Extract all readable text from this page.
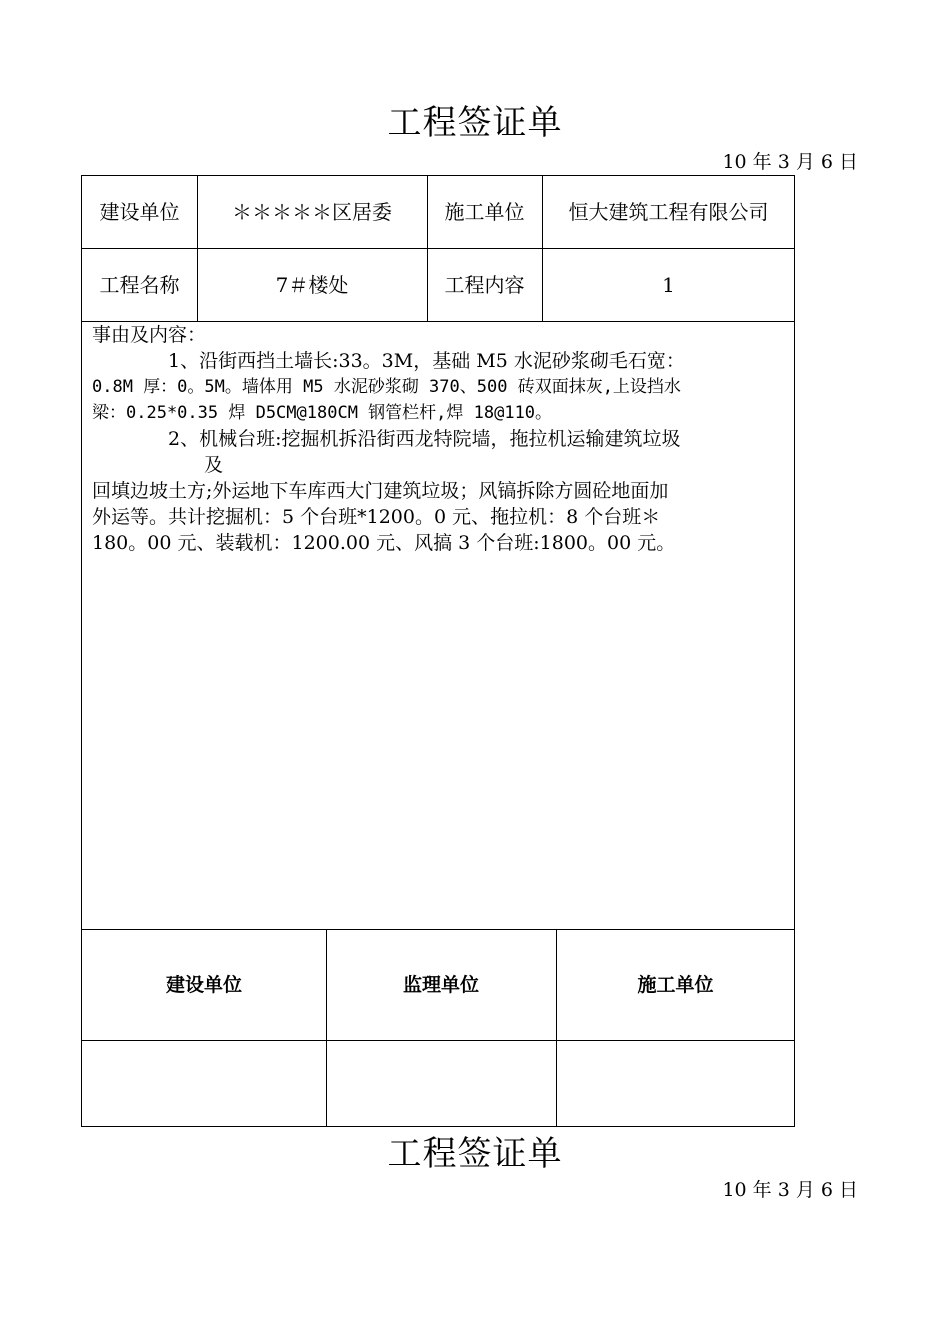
工程签证单
10 年 3 月 6 日
建设单位	＊＊＊＊＊区居委	施工单位	恒大建筑工程有限公司
工程名称	7＃楼处	工程内容	1

事由及内容：

1、沿街西挡土墙长:33。3M，基础 M5 水泥砂浆砌毛石宽：

0.8M 厚：0。5M。墙体用 M5 水泥砂浆砌 370、500 砖双面抹灰,上设挡水

梁：0.25*0.35 焊 D5CM@180CM 钢管栏杆,焊 18@110。

2、机械台班:挖掘机拆沿街西龙特院墙，拖拉机运输建筑垃圾

及

回填边坡土方;外运地下车库西大门建筑垃圾；风镐拆除方圆砼地面加

外运等。共计挖掘机：5 个台班*1200。0 元、拖拉机：8 个台班＊

180。00 元、装载机：1200.00 元、风搞 3 个台班:1800。00 元。

建设单位	监理单位	施工单位
工程签证单
10 年 3 月 6 日
